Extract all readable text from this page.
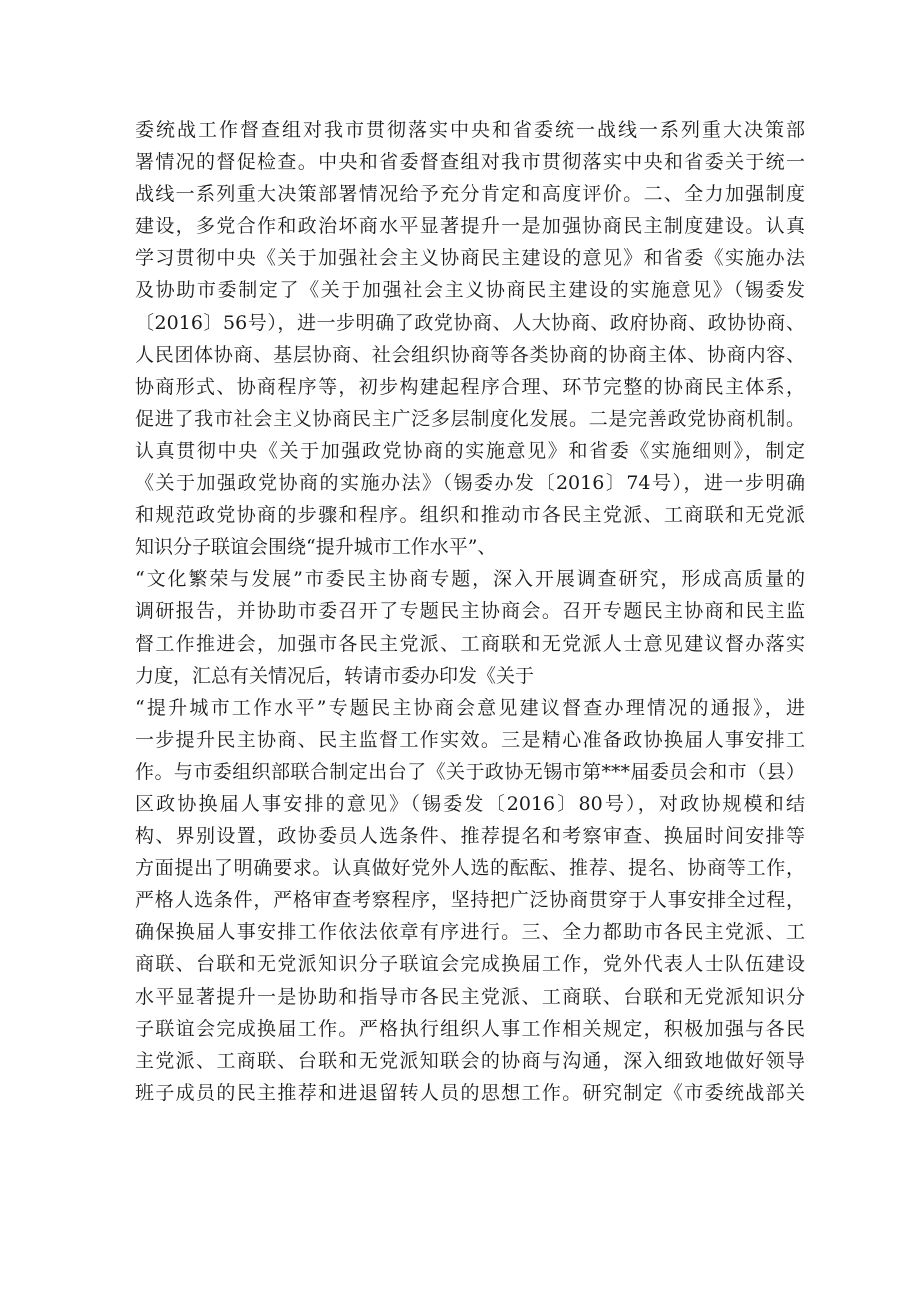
委统战工作督查组对我市贯彻落实中央和省委统一战线一系列重大决策部
署情况的督促检查。中央和省委督查组对我市贯彻落实中央和省委关于统一
战线一系列重大决策部署情况给予充分肯定和高度评价。二、全力加强制度
建设，多党合作和政治坏商水平显著提升一是加强协商民主制度建设。认真
学习贯彻中央《关于加强社会主义协商民主建设的意见》和省委《实施办法
及协助市委制定了《关于加强社会主义协商民主建设的实施意见》（锡委发
〔2016〕56号），进一步明确了政党协商、人大协商、政府协商、政协协商、
人民团体协商、基层协商、社会组织协商等各类协商的协商主体、协商内容、
协商形式、协商程序等，初步构建起程序合理、环节完整的协商民主体系，
促进了我市社会主义协商民主广泛多层制度化发展。二是完善政党协商机制。
认真贯彻中央《关于加强政党协商的实施意见》和省委《实施细则》，制定
《关于加强政党协商的实施办法》（锡委办发〔2016〕74号），进一步明确
和规范政党协商的步骤和程序。组织和推动市各民主党派、工商联和无党派
知识分子联谊会围绕“提升城市工作水平”、
“文化繁荣与发展”市委民主协商专题，深入开展调查研究，形成高质量的
调研报告，并协助市委召开了专题民主协商会。召开专题民主协商和民主监
督工作推进会，加强市各民主党派、工商联和无党派人士意见建议督办落实
力度，汇总有关情况后，转请市委办印发《关于
“提升城市工作水平”专题民主协商会意见建议督查办理情况的通报》，进
一步提升民主协商、民主监督工作实效。三是精心准备政协换届人事安排工
作。与市委组织部联合制定出台了《关于政协无锡市第***届委员会和市（县）
区政协换届人事安排的意见》（锡委发〔2016〕80号），对政协规模和结
构、界别设置，政协委员人选条件、推荐提名和考察审查、换届时间安排等
方面提出了明确要求。认真做好党外人选的酝酝、推荐、提名、协商等工作，
严格人选条件，严格审查考察程序，坚持把广泛协商贯穿于人事安排全过程，
确保换届人事安排工作依法依章有序进行。三、全力都助市各民主党派、工
商联、台联和无党派知识分子联谊会完成换届工作，党外代表人士队伍建设
水平显著提升一是协助和指导市各民主党派、工商联、台联和无党派知识分
子联谊会完成换届工作。严格执行组织人事工作相关规定，积极加强与各民
主党派、工商联、台联和无党派知联会的协商与沟通，深入细致地做好领导
班子成员的民主推荐和进退留转人员的思想工作。研究制定《市委统战部关
